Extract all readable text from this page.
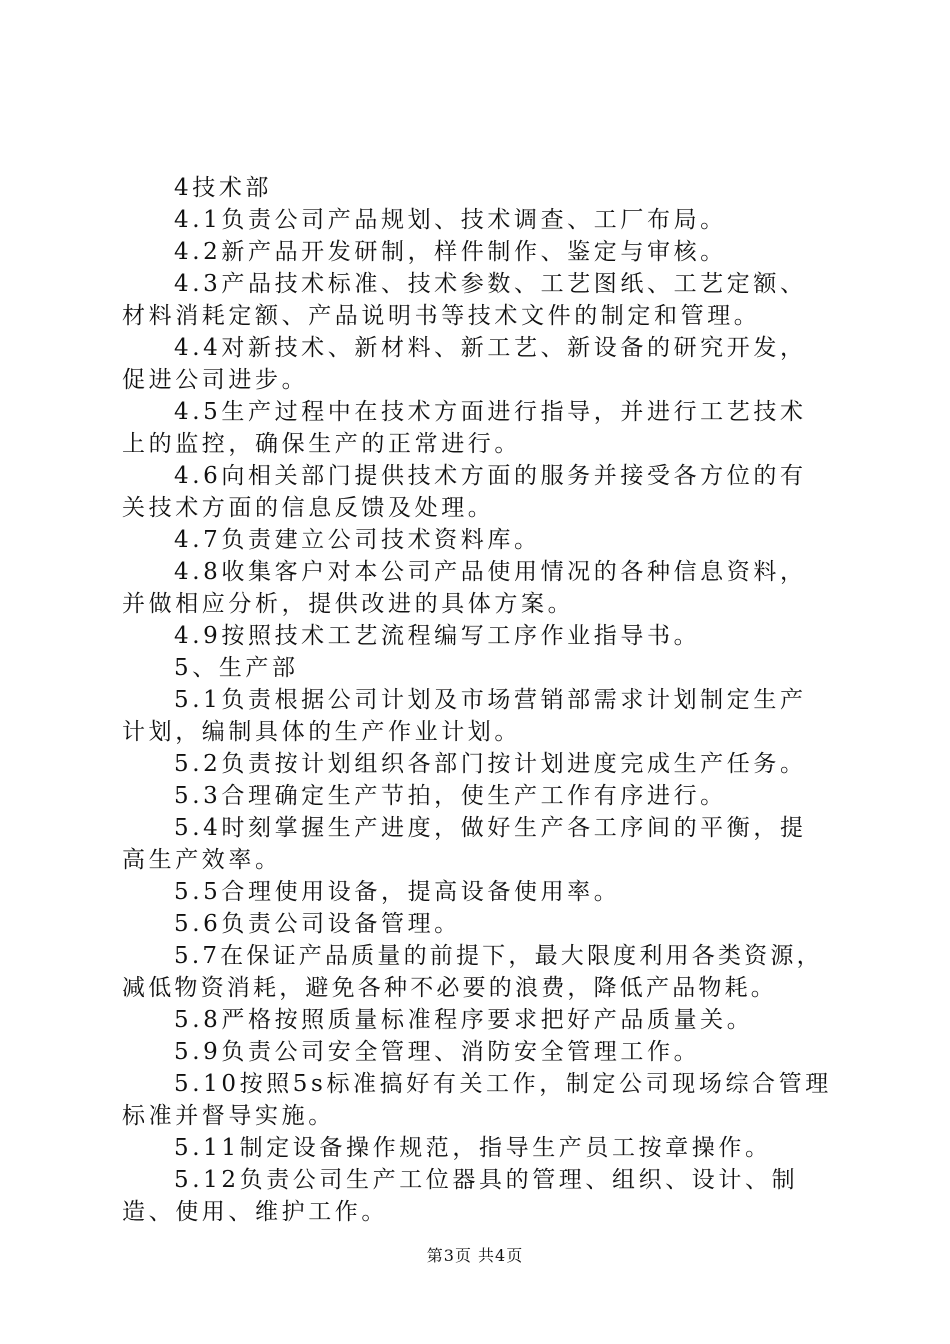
4技术部

4.1负责公司产品规划、技术调查、工厂布局。

4.2新产品开发研制，样件制作、鉴定与审核。

4.3产品技术标准、技术参数、工艺图纸、工艺定额、材料消耗定额、产品说明书等技术文件的制定和管理。

4.4对新技术、新材料、新工艺、新设备的研究开发，促进公司进步。

4.5生产过程中在技术方面进行指导，并进行工艺技术上的监控，确保生产的正常进行。

4.6向相关部门提供技术方面的服务并接受各方位的有关技术方面的信息反馈及处理。

4.7负责建立公司技术资料库。

4.8收集客户对本公司产品使用情况的各种信息资料，并做相应分析，提供改进的具体方案。

4.9按照技术工艺流程编写工序作业指导书。

5、生产部

5.1负责根据公司计划及市场营销部需求计划制定生产计划，编制具体的生产作业计划。

5.2负责按计划组织各部门按计划进度完成生产任务。

5.3合理确定生产节拍，使生产工作有序进行。

5.4时刻掌握生产进度，做好生产各工序间的平衡，提高生产效率。

5.5合理使用设备，提高设备使用率。

5.6负责公司设备管理。

5.7在保证产品质量的前提下，最大限度利用各类资源，减低物资消耗，避免各种不必要的浪费，降低产品物耗。

5.8严格按照质量标准程序要求把好产品质量关。

5.9负责公司安全管理、消防安全管理工作。

5.10按照5s标准搞好有关工作，制定公司现场综合管理标准并督导实施。

5.11制定设备操作规范，指导生产员工按章操作。

5.12负责公司生产工位器具的管理、组织、设计、制造、使用、维护工作。

第3页 共4页
